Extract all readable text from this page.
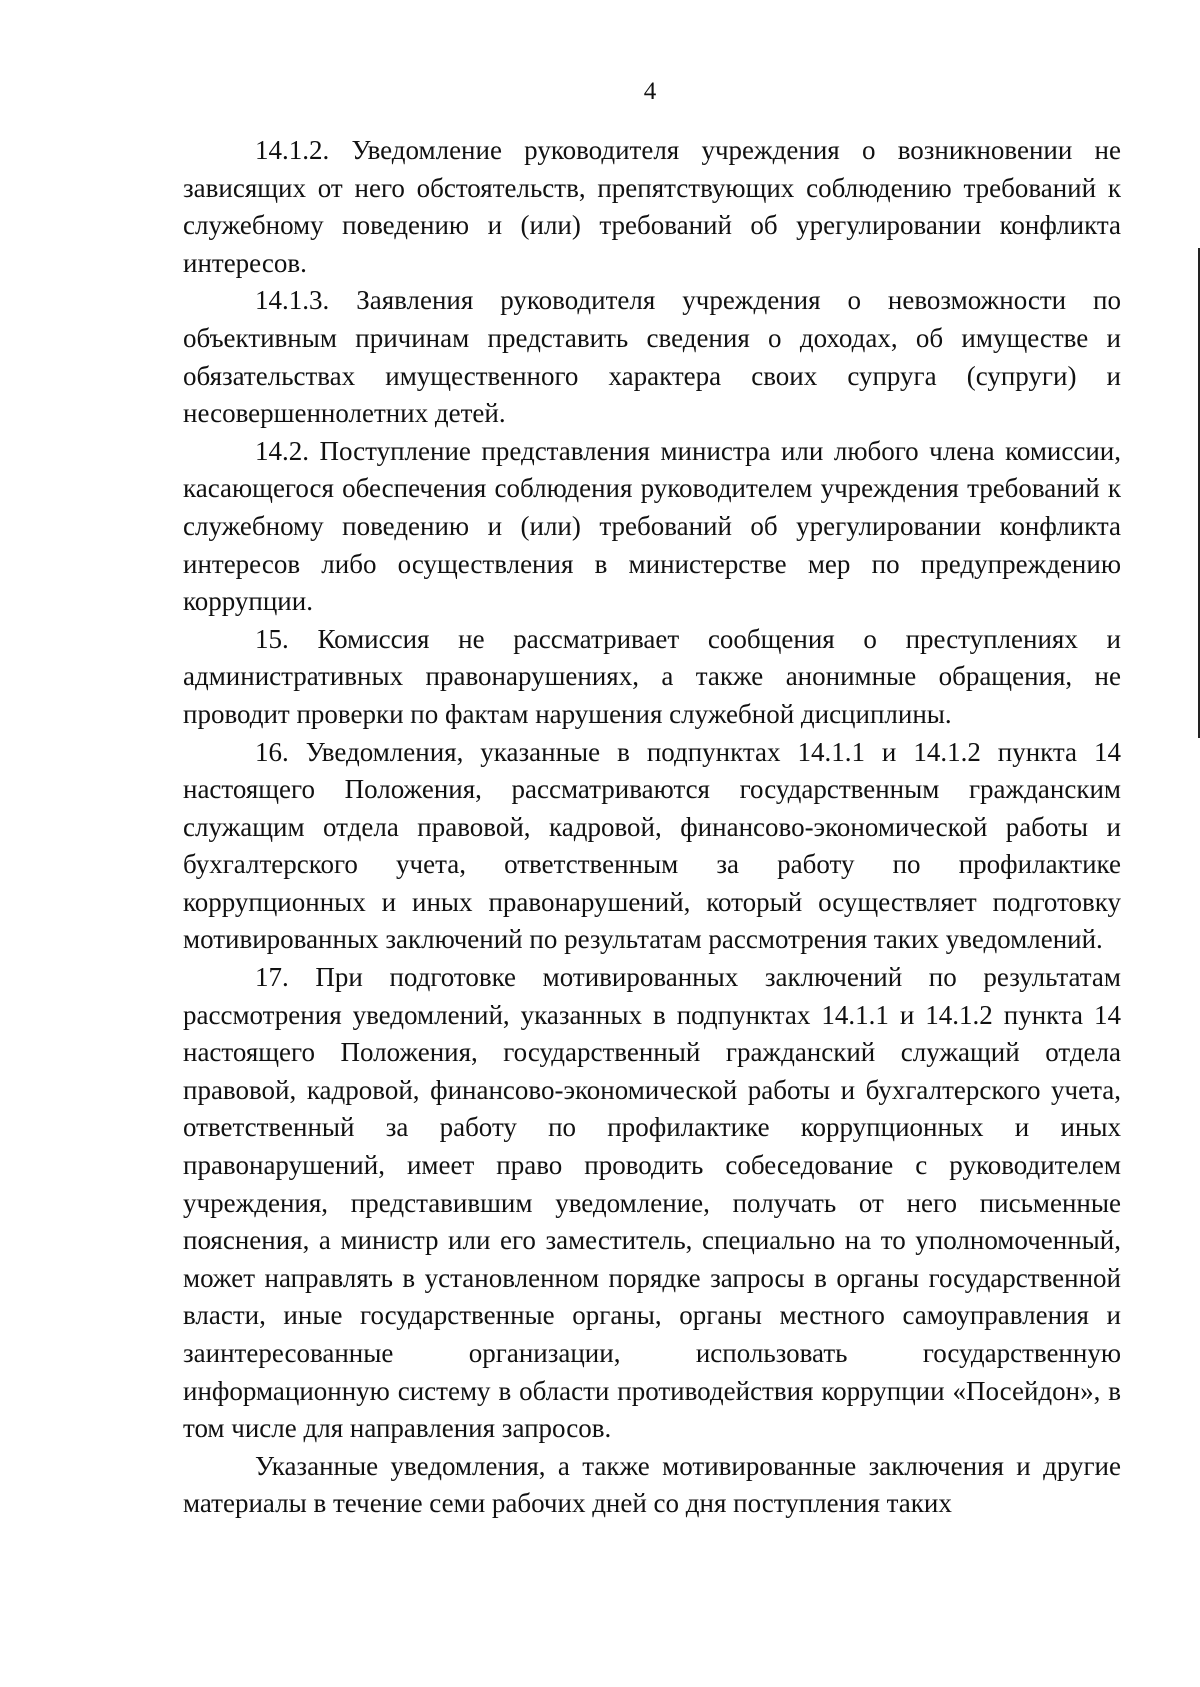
4

14.1.2. Уведомление руководителя учреждения о возникновении не зависящих от него обстоятельств, препятствующих соблюдению требований к служебному поведению и (или) требований об урегулировании конфликта интересов.

14.1.3. Заявления руководителя учреждения о невозможности по объективным причинам представить сведения о доходах, об имуществе и обязательствах имущественного характера своих супруга (супруги) и несовершеннолетних детей.

14.2. Поступление представления министра или любого члена комиссии, касающегося обеспечения соблюдения руководителем учреждения требований к служебному поведению и (или) требований об урегулировании конфликта интересов либо осуществления в министерстве мер по предупреждению коррупции.

15. Комиссия не рассматривает сообщения о преступлениях и административных правонарушениях, а также анонимные обращения, не проводит проверки по фактам нарушения служебной дисциплины.

16. Уведомления, указанные в подпунктах 14.1.1 и 14.1.2 пункта 14 настоящего Положения, рассматриваются государственным гражданским служащим отдела правовой, кадровой, финансово-экономической работы и бухгалтерского учета, ответственным за работу по профилактике коррупционных и иных правонарушений, который осуществляет подготовку мотивированных заключений по результатам рассмотрения таких уведомлений.

17. При подготовке мотивированных заключений по результатам рассмотрения уведомлений, указанных в подпунктах 14.1.1 и 14.1.2 пункта 14 настоящего Положения, государственный гражданский служащий отдела правовой, кадровой, финансово-экономической работы и бухгалтерского учета, ответственный за работу по профилактике коррупционных и иных правонарушений, имеет право проводить собеседование с руководителем учреждения, представившим уведомление, получать от него письменные пояснения, а министр или его заместитель, специально на то уполномоченный, может направлять в установленном порядке запросы в органы государственной власти, иные государственные органы, органы местного самоуправления и заинтересованные организации, использовать государственную информационную систему в области противодействия коррупции «Посейдон», в том числе для направления запросов.

Указанные уведомления, а также мотивированные заключения и другие материалы в течение семи рабочих дней со дня поступления таких
